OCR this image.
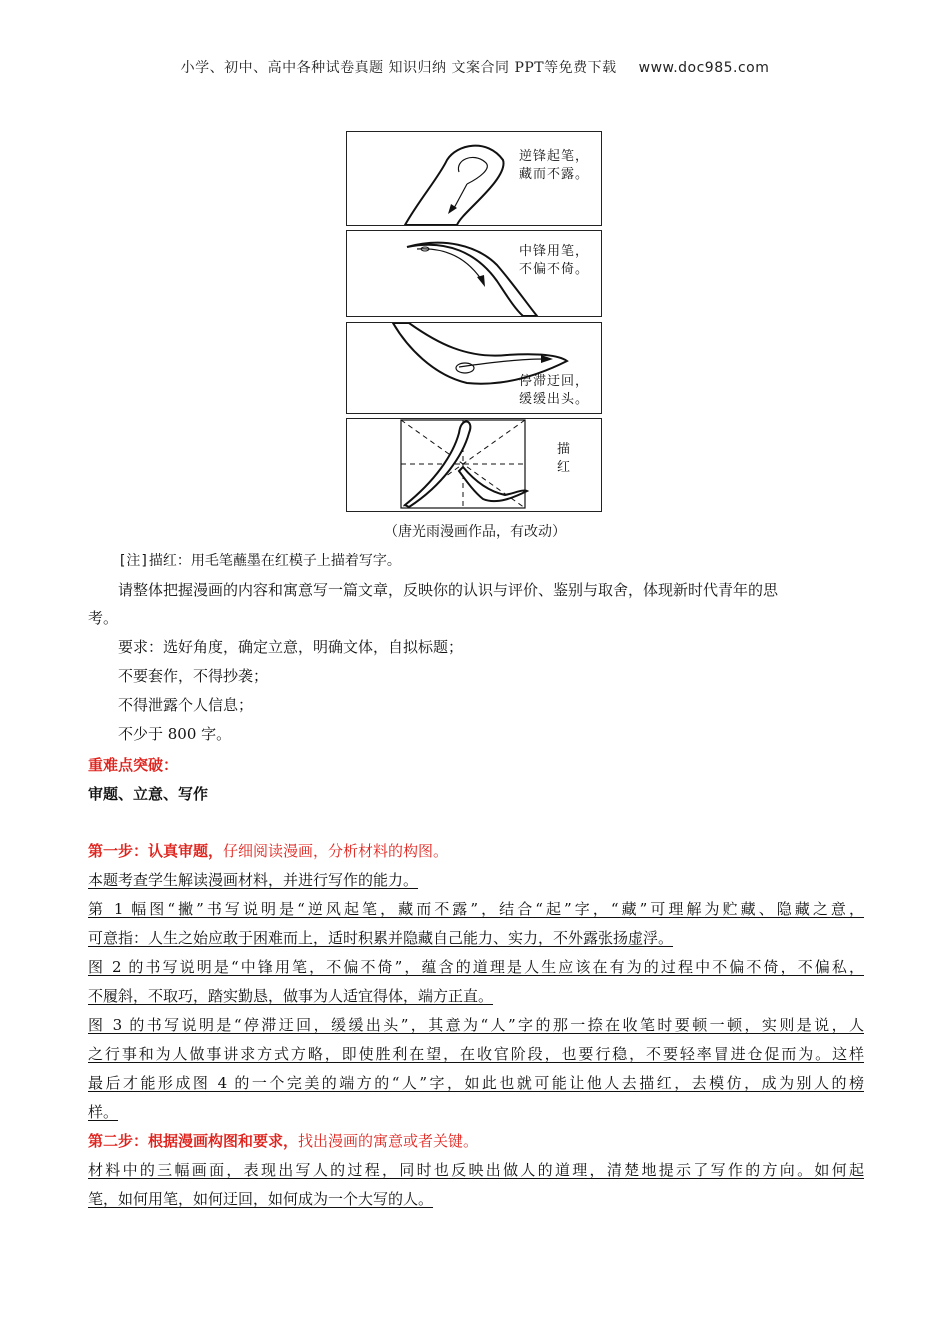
小学、初中、高中各种试卷真题 知识归纳 文案合同 PPT等免费下载 www.doc985.com
逆锋起笔，
藏而不露。
中锋用笔，
不偏不倚。
停滞迂回，
缓缓出头。
描
红
（唐光雨漫画作品，有改动）
[注]描红：用毛笔蘸墨在红模子上描着写字。
请整体把握漫画的内容和寓意写一篇文章，反映你的认识与评价、鉴别与取舍，体现新时代青年的思
考。
要求：选好角度，确定立意，明确文体，自拟标题；
不要套作，不得抄袭；
不得泄露个人信息；
不少于 800 字。
重难点突破：
审题、立意、写作
第一步：认真审题，仔细阅读漫画，分析材料的构图。
本题考查学生解读漫画材料，并进行写作的能力。
第 1 幅图“撇”书写说明是“逆风起笔，藏而不露”，结合“起”字，“藏”可理解为贮藏、隐藏之意，
可意指：人生之始应敢于困难而上，适时积累并隐藏自己能力、实力，不外露张扬虚浮。
图 2 的书写说明是“中锋用笔，不偏不倚”，蕴含的道理是人生应该在有为的过程中不偏不倚，不偏私，
不履斜，不取巧，踏实勤恳，做事为人适宜得体，端方正直。
图 3 的书写说明是“停滞迂回，缓缓出头”，其意为“人”字的那一捺在收笔时要顿一顿，实则是说，人
之行事和为人做事讲求方式方略，即使胜利在望，在收官阶段，也要行稳，不要轻率冒进仓促而为。这样
最后才能形成图 4 的一个完美的端方的“人”字，如此也就可能让他人去描红，去模仿，成为别人的榜
样。
第二步：根据漫画构图和要求，找出漫画的寓意或者关键。
材料中的三幅画面，表现出写人的过程，同时也反映出做人的道理，清楚地提示了写作的方向。如何起
笔，如何用笔，如何迂回，如何成为一个大写的人。
